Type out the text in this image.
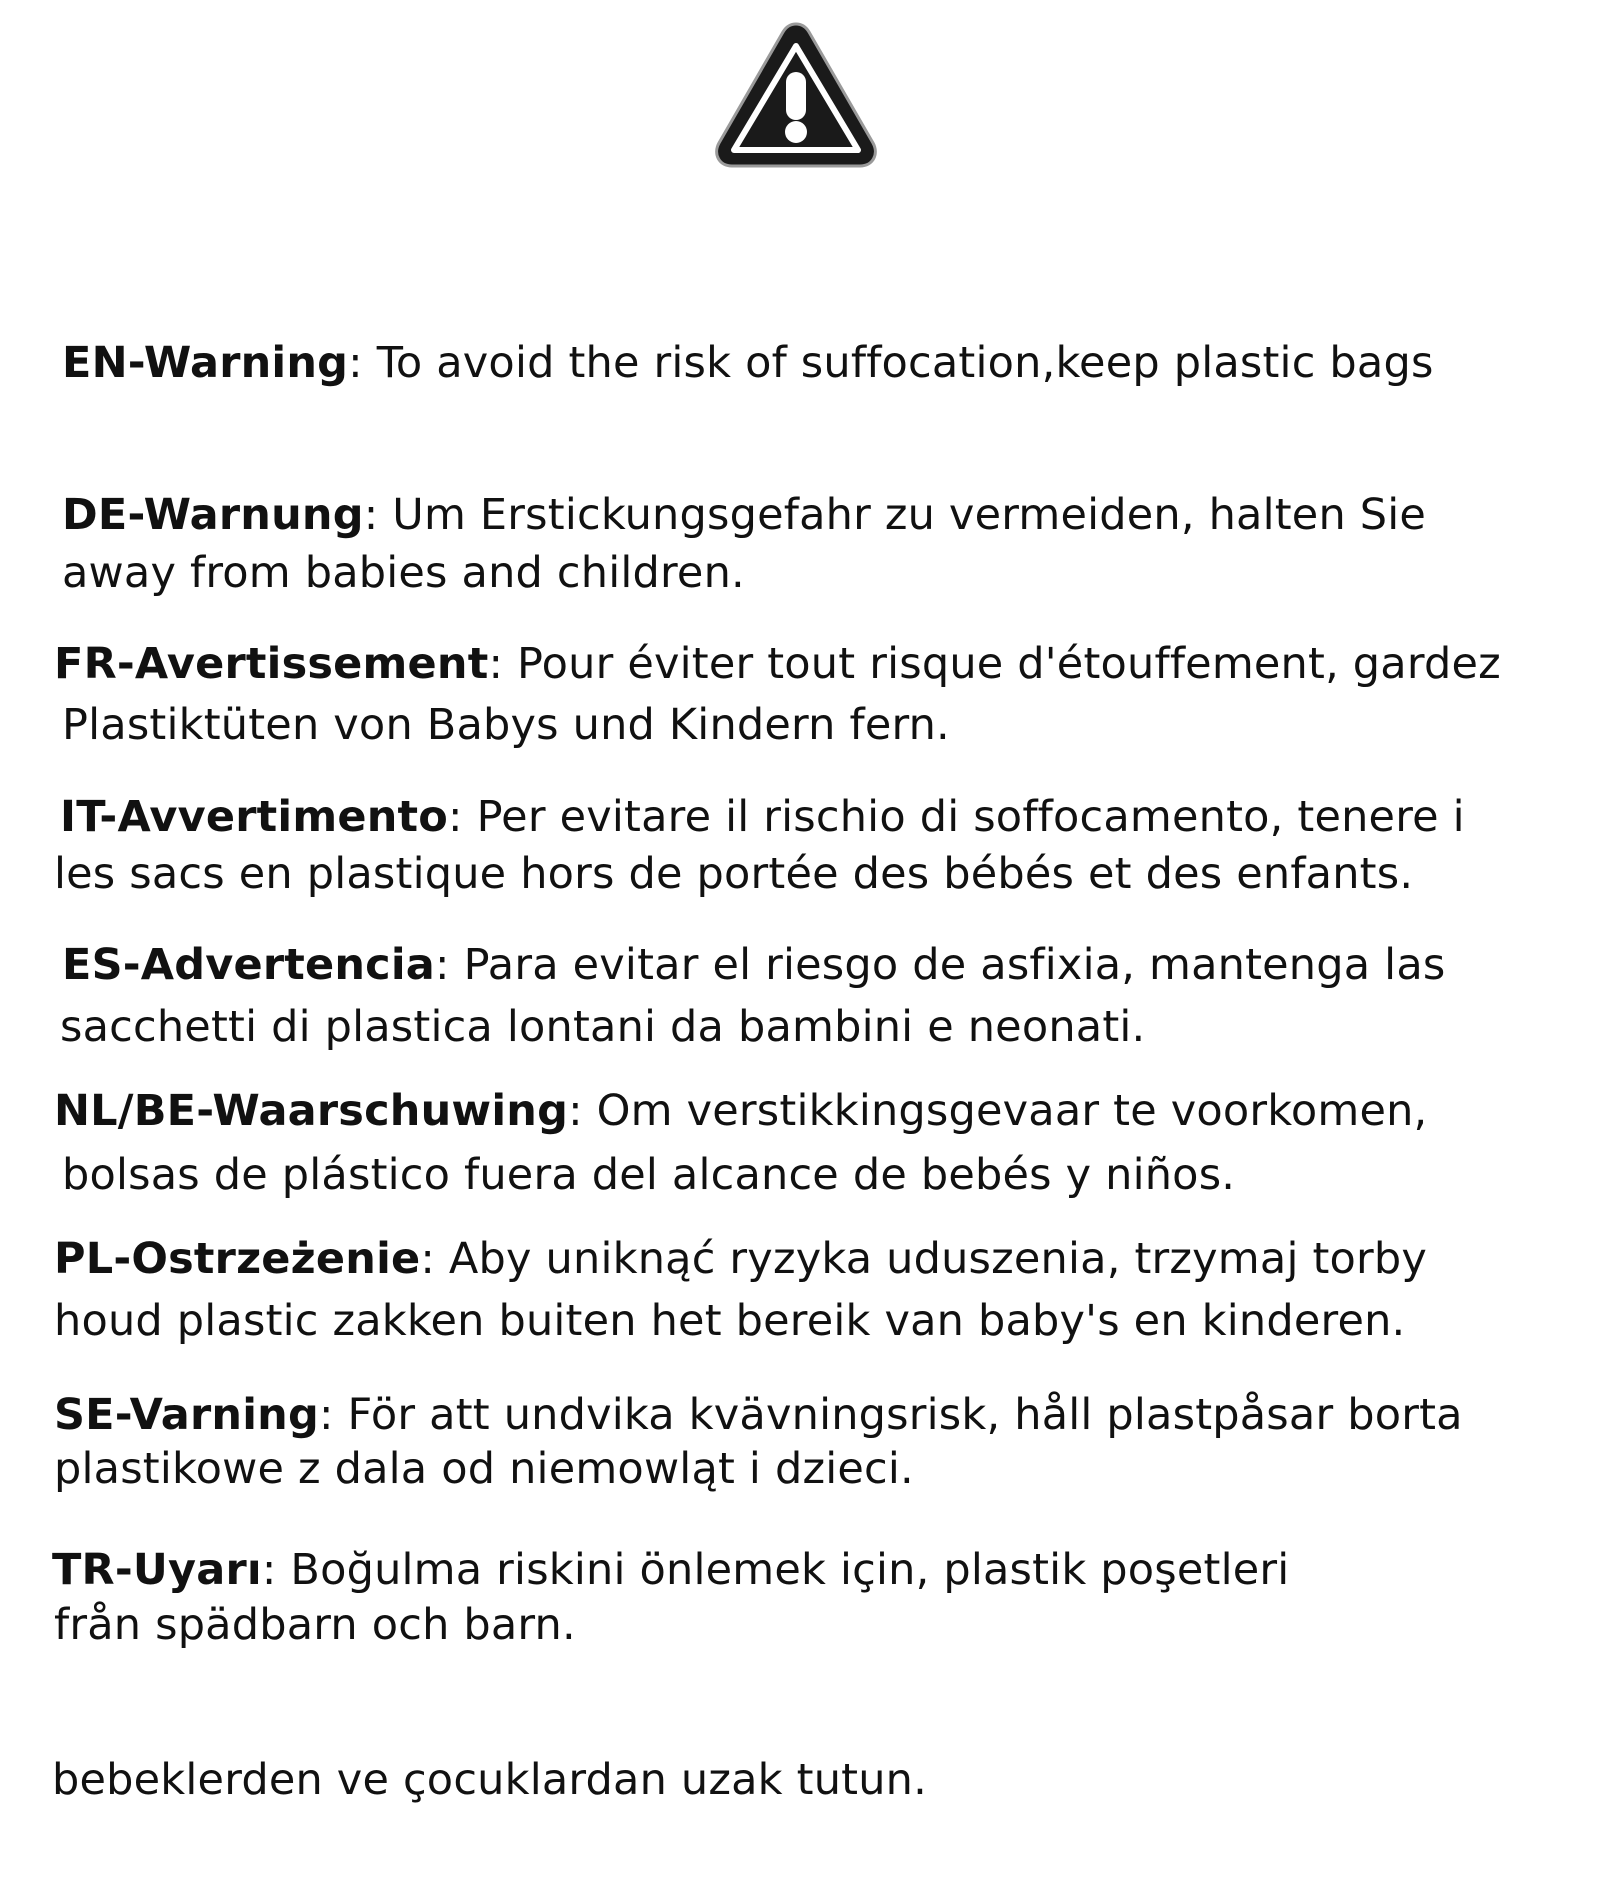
EN-Warning: To avoid the risk of suffocation,keep plastic bags

away from babies and children.

DE-Warnung: Um Erstickungsgefahr zu vermeiden, halten Sie

Plastiktüten von Babys und Kindern fern.

FR-Avertissement: Pour éviter tout risque d'étouffement, gardez

les sacs en plastique hors de portée des bébés et des enfants.

IT-Avvertimento: Per evitare il rischio di soffocamento, tenere i

sacchetti di plastica lontani da bambini e neonati.

ES-Advertencia: Para evitar el riesgo de asfixia, mantenga las

bolsas de plástico fuera del alcance de bebés y niños.

NL/BE-Waarschuwing: Om verstikkingsgevaar te voorkomen,

houd plastic zakken buiten het bereik van baby's en kinderen.

PL-Ostrzeżenie: Aby uniknąć ryzyka uduszenia, trzymaj torby

plastikowe z dala od niemowląt i dzieci.

SE-Varning: För att undvika kvävningsrisk, håll plastpåsar borta

från spädbarn och barn.

TR-Uyarı: Boğulma riskini önlemek için, plastik poşetleri

bebeklerden ve çocuklardan uzak tutun.
